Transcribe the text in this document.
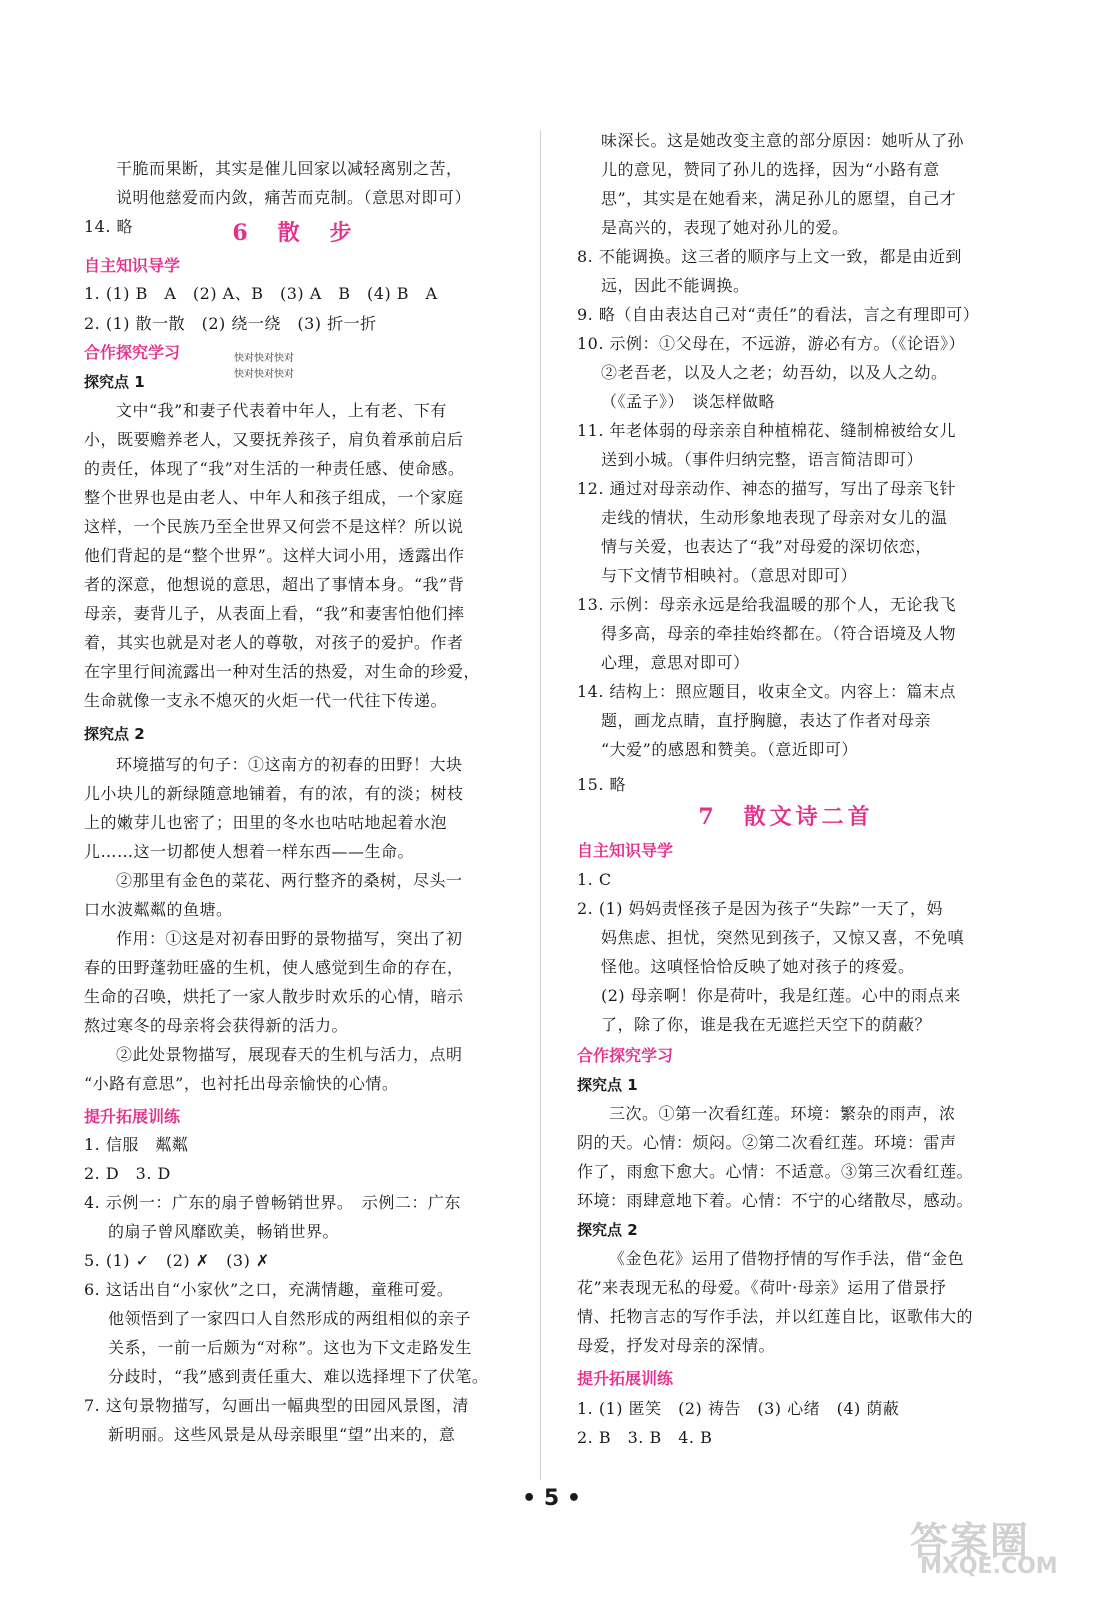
干脆而果断，其实是催儿回家以减轻离别之苦，
说明他慈爱而内敛，痛苦而克制。（意思对即可）
14. 略	6　散　步
自主知识导学
1. (1) B　A　(2) A、B　(3) A　B　(4) B　A
2. (1) 散一散　(2) 绕一绕　(3) 折一折
合作探究学习	快对快对快对
快对快对快对
探究点 1
文中“我”和妻子代表着中年人，上有老、下有
小，既要赡养老人，又要抚养孩子，肩负着承前启后
的责任，体现了“我”对生活的一种责任感、使命感。
整个世界也是由老人、中年人和孩子组成，一个家庭
这样，一个民族乃至全世界又何尝不是这样？所以说
他们背起的是“整个世界”。这样大词小用，透露出作
者的深意，他想说的意思，超出了事情本身。“我”背
母亲，妻背儿子，从表面上看，“我”和妻害怕他们摔
着，其实也就是对老人的尊敬，对孩子的爱护。作者
在字里行间流露出一种对生活的热爱，对生命的珍爱，
生命就像一支永不熄灭的火炬一代一代往下传递。
探究点 2
环境描写的句子：①这南方的初春的田野！大块
儿小块儿的新绿随意地铺着，有的浓，有的淡；树枝
上的嫩芽儿也密了；田里的冬水也咕咕地起着水泡
儿……这一切都使人想着一样东西——生命。
②那里有金色的菜花、两行整齐的桑树，尽头一
口水波粼粼的鱼塘。
作用：①这是对初春田野的景物描写，突出了初
春的田野蓬勃旺盛的生机，使人感觉到生命的存在，
生命的召唤，烘托了一家人散步时欢乐的心情，暗示
熬过寒冬的母亲将会获得新的活力。
②此处景物描写，展现春天的生机与活力，点明
“小路有意思”，也衬托出母亲愉快的心情。
提升拓展训练
1. 信服　粼粼
2. D　3. D
4. 示例一：广东的扇子曾畅销世界。　示例二：广东
的扇子曾风靡欧美，畅销世界。
5. (1) ✓　(2) ✗　(3) ✗
6. 这话出自“小家伙”之口，充满情趣，童稚可爱。
他领悟到了一家四口人自然形成的两组相似的亲子
关系，一前一后颇为“对称”。这也为下文走路发生
分歧时，“我”感到责任重大、难以选择埋下了伏笔。
7. 这句景物描写，勾画出一幅典型的田园风景图，清
新明丽。这些风景是从母亲眼里“望”出来的，意
味深长。这是她改变主意的部分原因：她听从了孙
儿的意见，赞同了孙儿的选择，因为“小路有意
思”，其实是在她看来，满足孙儿的愿望，自己才
是高兴的，表现了她对孙儿的爱。
8. 不能调换。这三者的顺序与上文一致，都是由近到
远，因此不能调换。
9. 略（自由表达自己对“责任”的看法，言之有理即可）
10. 示例：①父母在，不远游，游必有方。（《论语》）
②老吾老，以及人之老；幼吾幼，以及人之幼。
（《孟子》）　谈怎样做略
11. 年老体弱的母亲亲自种植棉花、缝制棉被给女儿
送到小城。（事件归纳完整，语言简洁即可）
12. 通过对母亲动作、神态的描写，写出了母亲飞针
走线的情状，生动形象地表现了母亲对女儿的温
情与关爱，也表达了“我”对母爱的深切依恋，
与下文情节相映衬。（意思对即可）
13. 示例：母亲永远是给我温暖的那个人，无论我飞
得多高，母亲的牵挂始终都在。（符合语境及人物
心理，意思对即可）
14. 结构上：照应题目，收束全文。内容上：篇末点
题，画龙点睛，直抒胸臆，表达了作者对母亲
“大爱”的感恩和赞美。（意近即可）
15. 略
7　散文诗二首
自主知识导学
1. C
2. (1) 妈妈责怪孩子是因为孩子“失踪”一天了，妈
妈焦虑、担忧，突然见到孩子，又惊又喜，不免嗔
怪他。这嗔怪恰恰反映了她对孩子的疼爱。
(2) 母亲啊！你是荷叶，我是红莲。心中的雨点来
了，除了你，谁是我在无遮拦天空下的荫蔽？
合作探究学习
探究点 1
三次。①第一次看红莲。环境：繁杂的雨声，浓
阴的天。心情：烦闷。②第二次看红莲。环境：雷声
作了，雨愈下愈大。心情：不适意。③第三次看红莲。
环境：雨肆意地下着。心情：不宁的心绪散尽，感动。
探究点 2
《金色花》运用了借物抒情的写作手法，借“金色
花”来表现无私的母爱。《荷叶·母亲》运用了借景抒
情、托物言志的写作手法，并以红莲自比，讴歌伟大的
母爱，抒发对母亲的深情。
提升拓展训练
1. (1) 匿笑　(2) 祷告　(3) 心绪　(4) 荫蔽
2. B　3. B　4. B
• 5 •
答案圈
MXQE.COM
